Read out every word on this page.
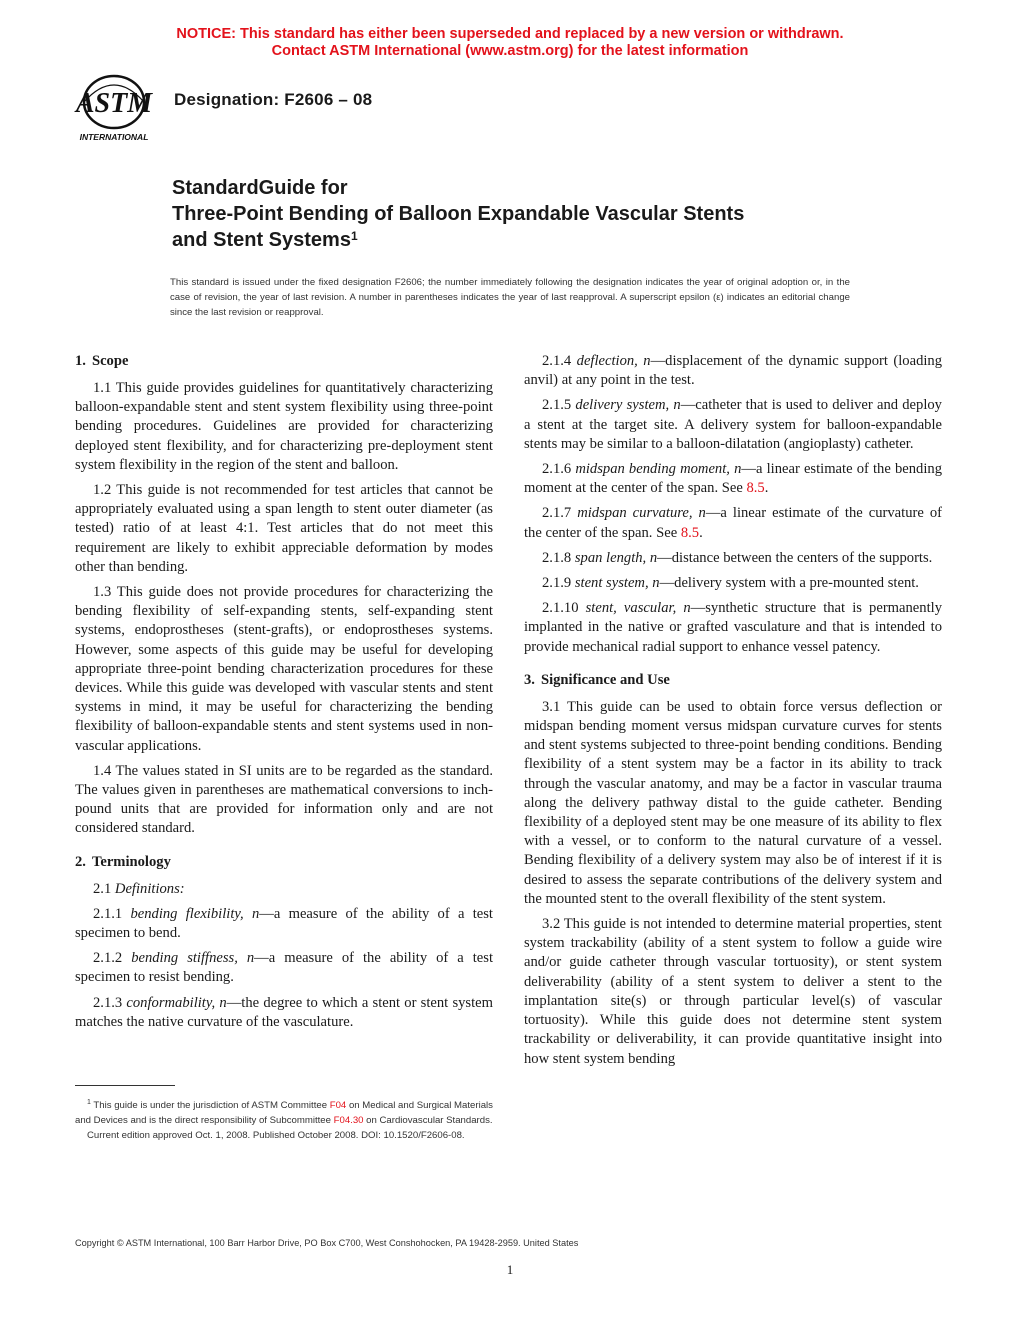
NOTICE: This standard has either been superseded and replaced by a new version or withdrawn.
Contact ASTM International (www.astm.org) for the latest information
ASTM
INTERNATIONAL
Designation: F2606 – 08
StandardGuide for
Three-Point Bending of Balloon Expandable Vascular Stents
and Stent Systems$^1$
This standard is issued under the fixed designation F2606; the number immediately following the designation indicates the year of original adoption or, in the case of revision, the year of last revision. A number in parentheses indicates the year of last reapproval. A superscript epsilon (ε) indicates an editorial change since the last revision or reapproval.
1. Scope

1.1 This guide provides guidelines for quantitatively characterizing balloon-expandable stent and stent system flexibility using three-point bending procedures. Guidelines are provided for characterizing deployed stent flexibility, and for characterizing pre-deployment stent system flexibility in the region of the stent and balloon.

1.2 This guide is not recommended for test articles that cannot be appropriately evaluated using a span length to stent outer diameter (as tested) ratio of at least 4:1. Test articles that do not meet this requirement are likely to exhibit appreciable deformation by modes other than bending.

1.3 This guide does not provide procedures for characterizing the bending flexibility of self-expanding stents, self-expanding stent systems, endoprostheses (stent-grafts), or endoprostheses systems. However, some aspects of this guide may be useful for developing appropriate three-point bending characterization procedures for these devices. While this guide was developed with vascular stents and stent systems in mind, it may be useful for characterizing the bending flexibility of balloon-expandable stents and stent systems used in non-vascular applications.

1.4 The values stated in SI units are to be regarded as the standard. The values given in parentheses are mathematical conversions to inch-pound units that are provided for information only and are not considered standard.

2. Terminology

2.1 Definitions:

2.1.1 bending flexibility, n—a measure of the ability of a test specimen to bend.

2.1.2 bending stiffness, n—a measure of the ability of a test specimen to resist bending.

2.1.3 conformability, n—the degree to which a stent or stent system matches the native curvature of the vasculature.

2.1.4 deflection, n—displacement of the dynamic support (loading anvil) at any point in the test.

2.1.5 delivery system, n—catheter that is used to deliver and deploy a stent at the target site. A delivery system for balloon-expandable stents may be similar to a balloon-dilatation (angioplasty) catheter.

2.1.6 midspan bending moment, n—a linear estimate of the bending moment at the center of the span. See 8.5.

2.1.7 midspan curvature, n—a linear estimate of the curvature of the center of the span. See 8.5.

2.1.8 span length, n—distance between the centers of the supports.

2.1.9 stent system, n—delivery system with a pre-mounted stent.

2.1.10 stent, vascular, n—synthetic structure that is permanently implanted in the native or grafted vasculature and that is intended to provide mechanical radial support to enhance vessel patency.

3. Significance and Use

3.1 This guide can be used to obtain force versus deflection or midspan bending moment versus midspan curvature curves for stents and stent systems subjected to three-point bending conditions. Bending flexibility of a stent system may be a factor in its ability to track through the vascular anatomy, and may be a factor in vascular trauma along the delivery pathway distal to the guide catheter. Bending flexibility of a deployed stent may be one measure of its ability to flex with a vessel, or to conform to the natural curvature of a vessel. Bending flexibility of a delivery system may also be of interest if it is desired to assess the separate contributions of the delivery system and the mounted stent to the overall flexibility of the stent system.

3.2 This guide is not intended to determine material properties, stent system trackability (ability of a stent system to follow a guide wire and/or guide catheter through vascular tortuosity), or stent system deliverability (ability of a stent system to deliver a stent to the implantation site(s) or through particular level(s) of vascular tortuosity). While this guide does not determine stent system trackability or deliverability, it can provide quantitative insight into how stent system bending

$^1$ This guide is under the jurisdiction of ASTM Committee F04 on Medical and Surgical Materials and Devices and is the direct responsibility of Subcommittee F04.30 on Cardiovascular Standards.

Current edition approved Oct. 1, 2008. Published October 2008. DOI: 10.1520/F2606-08.

Copyright © ASTM International, 100 Barr Harbor Drive, PO Box C700, West Conshohocken, PA 19428-2959. United States
1
